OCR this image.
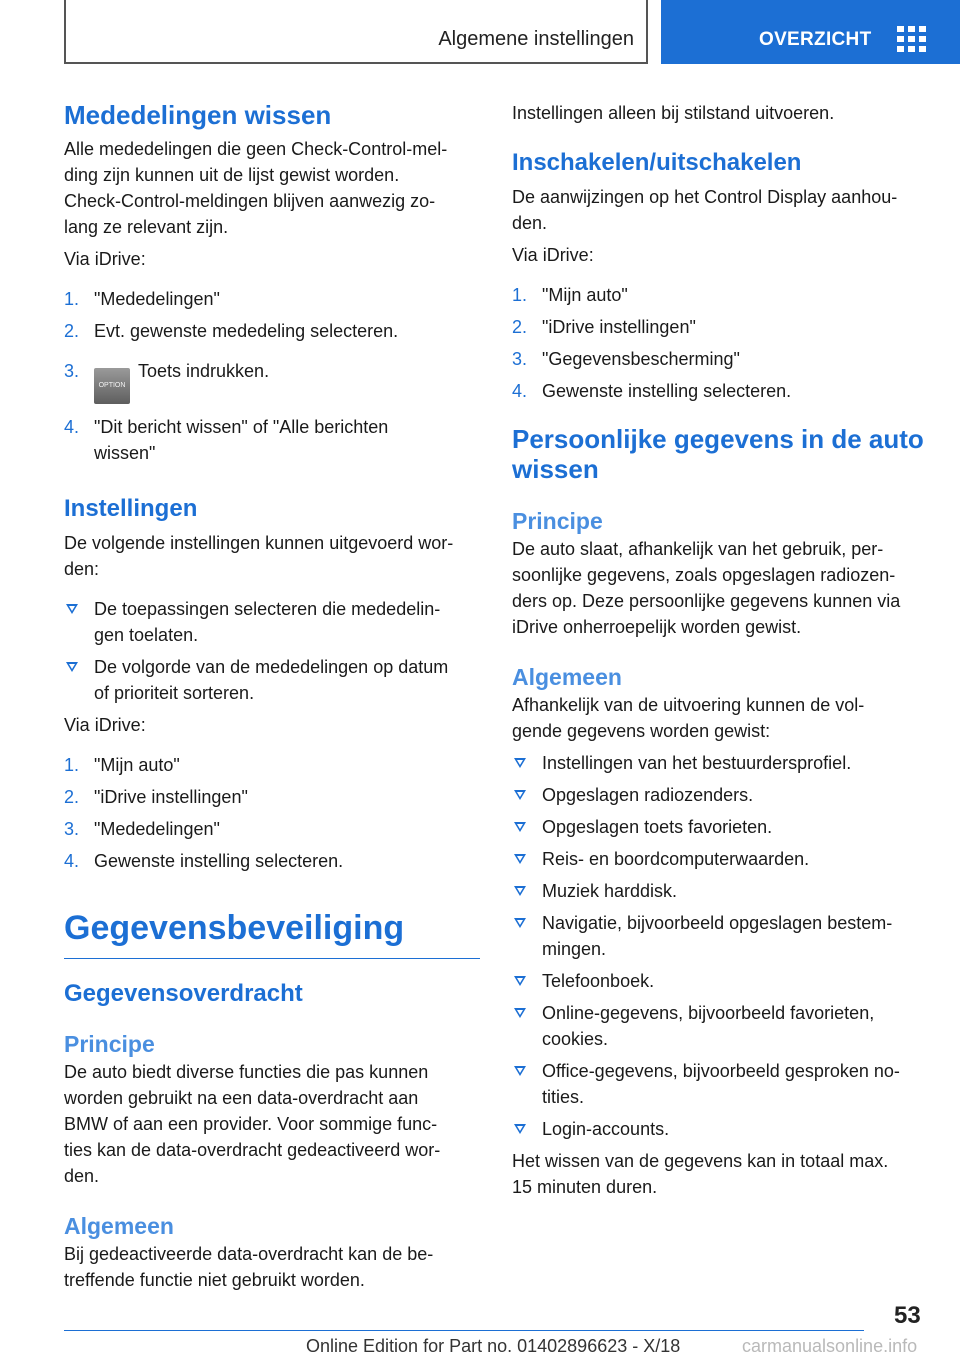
Algemene instellingen	OVERZICHT
Mededelingen wissen

Alle mededelingen die geen Check-Control-mel-

ding zijn kunnen uit de lijst gewist worden.

Check-Control-meldingen blijven aanwezig zo-

lang ze relevant zijn.

Via iDrive:

1. "Mededelingen"
2. Evt. gewenste mededeling selecteren.
3.
OPTIONToets indrukken.
4. "Dit bericht wissen" of "Alle berichten
wissen"
Instellingen

De volgende instellingen kunnen uitgevoerd wor-

den:

De toepassingen selecteren die mededelin-
gen toelaten.
De volgorde van de mededelingen op datum
of prioriteit sorteren.

Via iDrive:

1. "Mijn auto"
2. "iDrive instellingen"
3. "Mededelingen"
4. Gewenste instelling selecteren.
Gegevensbeveiliging
Gegevensoverdracht
Principe

De auto biedt diverse functies die pas kunnen

worden gebruikt na een data-overdracht aan

BMW of aan een provider. Voor sommige func-

ties kan de data-overdracht gedeactiveerd wor-

den.

Algemeen

Bij gedeactiveerde data-overdracht kan de be-

treffende functie niet gebruikt worden.

Instellingen alleen bij stilstand uitvoeren.

Inschakelen/uitschakelen

De aanwijzingen op het Control Display aanhou-

den.

Via iDrive:

1. "Mijn auto"
2. "iDrive instellingen"
3. "Gegevensbescherming"
4. Gewenste instelling selecteren.
Persoonlijke gegevens in de auto
wissen
Principe

De auto slaat, afhankelijk van het gebruik, per-

soonlijke gegevens, zoals opgeslagen radiozen-

ders op. Deze persoonlijke gegevens kunnen via

iDrive onherroepelijk worden gewist.

Algemeen

Afhankelijk van de uitvoering kunnen de vol-

gende gegevens worden gewist:

Instellingen van het bestuurdersprofiel.
Opgeslagen radiozenders.
Opgeslagen toets favorieten.
Reis- en boordcomputerwaarden.
Muziek harddisk.
Navigatie, bijvoorbeeld opgeslagen bestem-
mingen.
Telefoonboek.
Online-gegevens, bijvoorbeeld favorieten,
cookies.
Office-gegevens, bijvoorbeeld gesproken no-
tities.
Login-accounts.

Het wissen van de gegevens kan in totaal max.

15 minuten duren.

53
Online Edition for Part no. 01402896623 - X/18	carmanualsonline.info
